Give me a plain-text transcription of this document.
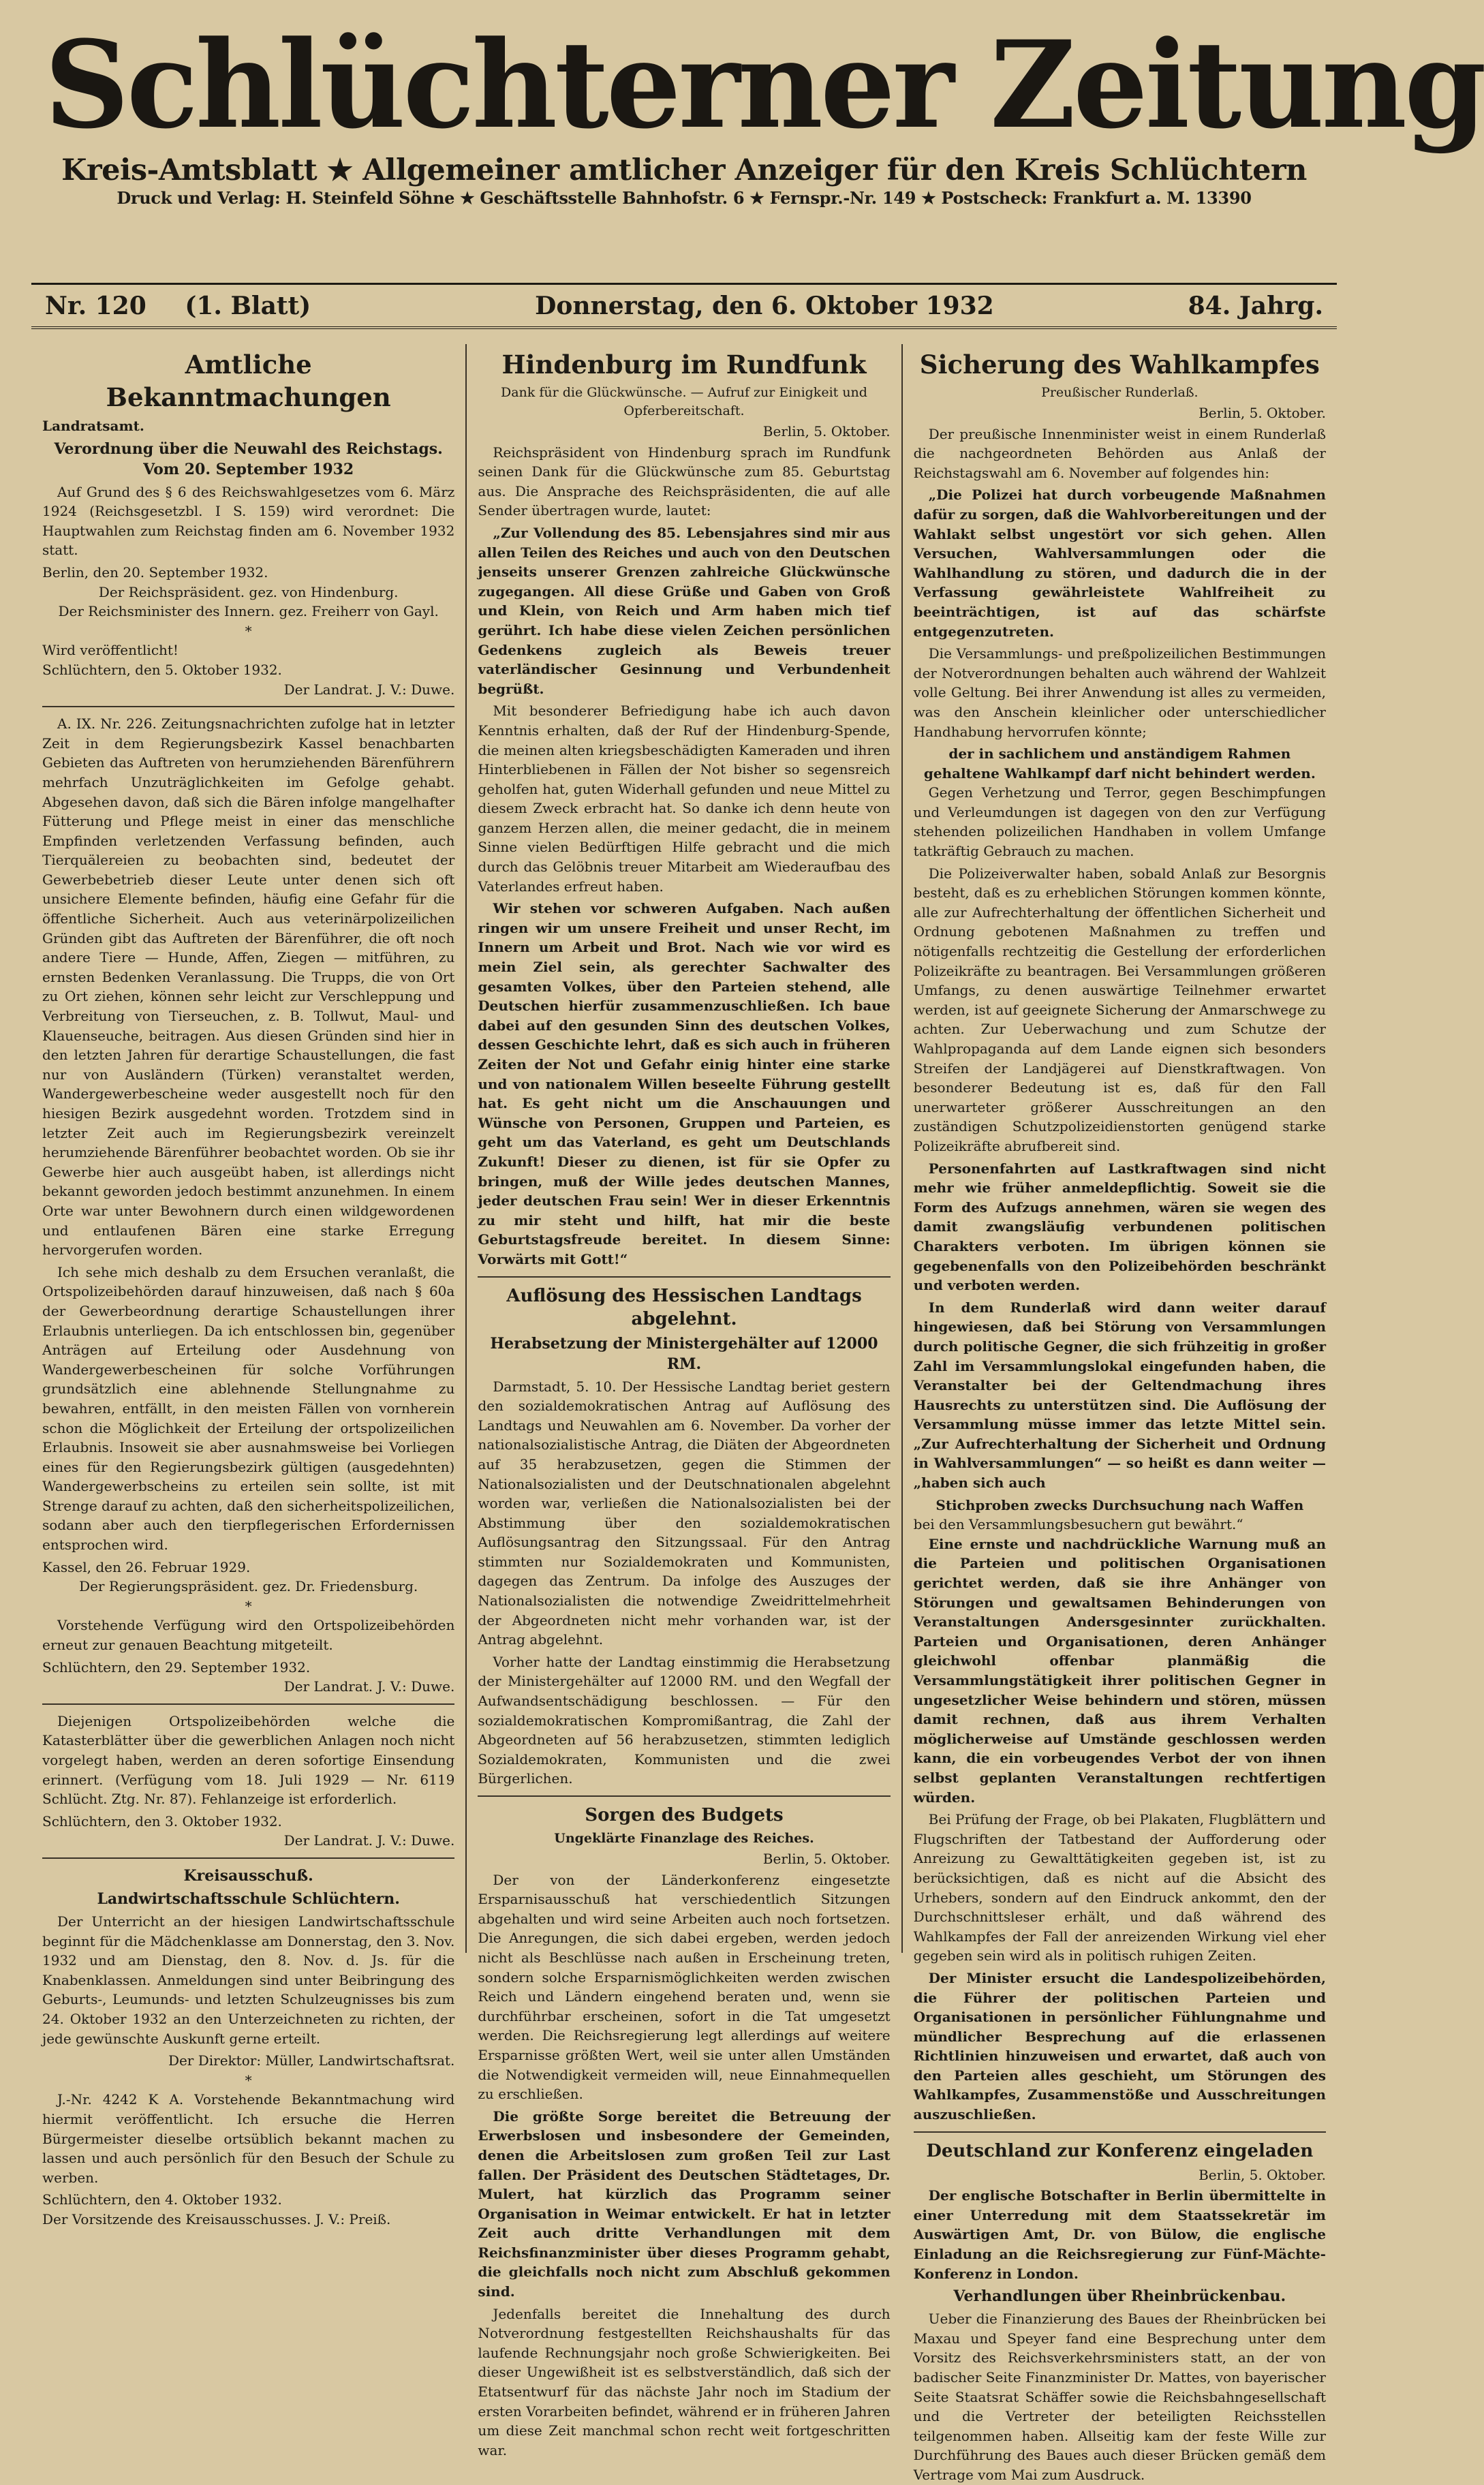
Schlüchterner Zeitung
Kreis-Amtsblatt ★ Allgemeiner amtlicher Anzeiger für den Kreis Schlüchtern
Druck und Verlag: H. Steinfeld Söhne ★ Geschäftsstelle Bahnhofstr. 6 ★ Fernspr.-Nr. 149 ★ Postscheck: Frankfurt a. M. 13390
Nr. 120 (1. Blatt)	Donnerstag, den 6. Oktober 1932	84. Jahrg.
Amtliche Bekanntmachungen
Landratsamt.
Verordnung über die Neuwahl des Reichstags. Vom 20. September 1932

Auf Grund des § 6 des Reichswahlgesetzes vom 6. März 1924 (Reichsgesetzbl. I S. 159) wird verordnet: Die Hauptwahlen zum Reichstag finden am 6. November 1932 statt.

Berlin, den 20. September 1932.
Der Reichspräsident. gez. von Hindenburg.
Der Reichsminister des Innern. gez. Freiherr von Gayl.
*
Wird veröffentlicht!
Schlüchtern, den 5. Oktober 1932.
Der Landrat. J. V.: Duwe.

A. IX. Nr. 226. Zeitungsnachrichten zufolge hat in letzter Zeit in dem Regierungsbezirk Kassel benachbarten Gebieten das Auftreten von herumziehenden Bärenführern mehrfach Unzuträglichkeiten im Gefolge gehabt. Abgesehen davon, daß sich die Bären infolge mangelhafter Fütterung und Pflege meist in einer das menschliche Empfinden verletzenden Verfassung befinden, auch Tierquälereien zu beobachten sind, bedeutet der Gewerbebetrieb dieser Leute unter denen sich oft unsichere Elemente befinden, häufig eine Gefahr für die öffentliche Sicherheit. Auch aus veterinärpolizeilichen Gründen gibt das Auftreten der Bärenführer, die oft noch andere Tiere — Hunde, Affen, Ziegen — mitführen, zu ernsten Bedenken Veranlassung. Die Trupps, die von Ort zu Ort ziehen, können sehr leicht zur Verschleppung und Verbreitung von Tierseuchen, z. B. Tollwut, Maul- und Klauenseuche, beitragen. Aus diesen Gründen sind hier in den letzten Jahren für derartige Schaustellungen, die fast nur von Ausländern (Türken) veranstaltet werden, Wandergewerbescheine weder ausgestellt noch für den hiesigen Bezirk ausgedehnt worden. Trotzdem sind in letzter Zeit auch im Regierungsbezirk vereinzelt herumziehende Bärenführer beobachtet worden. Ob sie ihr Gewerbe hier auch ausgeübt haben, ist allerdings nicht bekannt geworden jedoch bestimmt anzunehmen. In einem Orte war unter Bewohnern durch einen wildgewordenen und entlaufenen Bären eine starke Erregung hervorgerufen worden.

Ich sehe mich deshalb zu dem Ersuchen veranlaßt, die Ortspolizeibehörden darauf hinzuweisen, daß nach § 60a der Gewerbeordnung derartige Schaustellungen ihrer Erlaubnis unterliegen. Da ich entschlossen bin, gegenüber Anträgen auf Erteilung oder Ausdehnung von Wandergewerbescheinen für solche Vorführungen grundsätzlich eine ablehnende Stellungnahme zu bewahren, entfällt, in den meisten Fällen von vornherein schon die Möglichkeit der Erteilung der ortspolizeilichen Erlaubnis. Insoweit sie aber ausnahmsweise bei Vorliegen eines für den Regierungsbezirk gültigen (ausgedehnten) Wandergewerbscheins zu erteilen sein sollte, ist mit Strenge darauf zu achten, daß den sicherheitspolizeilichen, sodann aber auch den tierpflegerischen Erfordernissen entsprochen wird.

Kassel, den 26. Februar 1929.
Der Regierungspräsident. gez. Dr. Friedensburg.
*

Vorstehende Verfügung wird den Ortspolizeibehörden erneut zur genauen Beachtung mitgeteilt.

Schlüchtern, den 29. September 1932.
Der Landrat. J. V.: Duwe.

Diejenigen Ortspolizeibehörden welche die Katasterblätter über die gewerblichen Anlagen noch nicht vorgelegt haben, werden an deren sofortige Einsendung erinnert. (Verfügung vom 18. Juli 1929 — Nr. 6119 Schlücht. Ztg. Nr. 87). Fehlanzeige ist erforderlich.

Schlüchtern, den 3. Oktober 1932.
Der Landrat. J. V.: Duwe.
Kreisausschuß.
Landwirtschaftsschule Schlüchtern.

Der Unterricht an der hiesigen Landwirtschaftsschule beginnt für die Mädchenklasse am Donnerstag, den 3. Nov. 1932 und am Dienstag, den 8. Nov. d. Js. für die Knabenklassen. Anmeldungen sind unter Beibringung des Geburts-, Leumunds- und letzten Schulzeugnisses bis zum 24. Oktober 1932 an den Unterzeichneten zu richten, der jede gewünschte Auskunft gerne erteilt.

Der Direktor: Müller, Landwirtschaftsrat.
*

J.-Nr. 4242 K A. Vorstehende Bekanntmachung wird hiermit veröffentlicht. Ich ersuche die Herren Bürgermeister dieselbe ortsüblich bekannt machen zu lassen und auch persönlich für den Besuch der Schule zu werben.

Schlüchtern, den 4. Oktober 1932.
Der Vorsitzende des Kreisausschusses. J. V.: Preiß.
Hindenburg im Rundfunk
Dank für die Glückwünsche. — Aufruf zur Einigkeit und Opferbereitschaft.
Berlin, 5. Oktober.

Reichspräsident von Hindenburg sprach im Rundfunk seinen Dank für die Glückwünsche zum 85. Geburtstag aus. Die Ansprache des Reichspräsidenten, die auf alle Sender übertragen wurde, lautet:

„Zur Vollendung des 85. Lebensjahres sind mir aus allen Teilen des Reiches und auch von den Deutschen jenseits unserer Grenzen zahlreiche Glückwünsche zugegangen. All diese Grüße und Gaben von Groß und Klein, von Reich und Arm haben mich tief gerührt. Ich habe diese vielen Zeichen persönlichen Gedenkens zugleich als Beweis treuer vaterländischer Gesinnung und Verbundenheit begrüßt.

Mit besonderer Befriedigung habe ich auch davon Kenntnis erhalten, daß der Ruf der Hindenburg-Spende, die meinen alten kriegsbeschädigten Kameraden und ihren Hinterbliebenen in Fällen der Not bisher so segensreich geholfen hat, guten Widerhall gefunden und neue Mittel zu diesem Zweck erbracht hat. So danke ich denn heute von ganzem Herzen allen, die meiner gedacht, die in meinem Sinne vielen Bedürftigen Hilfe gebracht und die mich durch das Gelöbnis treuer Mitarbeit am Wiederaufbau des Vaterlandes erfreut haben.

Wir stehen vor schweren Aufgaben. Nach außen ringen wir um unsere Freiheit und unser Recht, im Innern um Arbeit und Brot. Nach wie vor wird es mein Ziel sein, als gerechter Sachwalter des gesamten Volkes, über den Parteien stehend, alle Deutschen hierfür zusammenzuschließen. Ich baue dabei auf den gesunden Sinn des deutschen Volkes, dessen Geschichte lehrt, daß es sich auch in früheren Zeiten der Not und Gefahr einig hinter eine starke und von nationalem Willen beseelte Führung gestellt hat. Es geht nicht um die Anschauungen und Wünsche von Personen, Gruppen und Parteien, es geht um das Vaterland, es geht um Deutschlands Zukunft! Dieser zu dienen, ist für sie Opfer zu bringen, muß der Wille jedes deutschen Mannes, jeder deutschen Frau sein! Wer in dieser Erkenntnis zu mir steht und hilft, hat mir die beste Geburtstagsfreude bereitet. In diesem Sinne: Vorwärts mit Gott!“

Auflösung des Hessischen Landtags abgelehnt.
Herabsetzung der Ministergehälter auf 12000 RM.

Darmstadt, 5. 10. Der Hessische Landtag beriet gestern den sozialdemokratischen Antrag auf Auflösung des Landtags und Neuwahlen am 6. November. Da vorher der nationalsozialistische Antrag, die Diäten der Abgeordneten auf 35 herabzusetzen, gegen die Stimmen der Nationalsozialisten und der Deutschnationalen abgelehnt worden war, verließen die Nationalsozialisten bei der Abstimmung über den sozialdemokratischen Auflösungsantrag den Sitzungssaal. Für den Antrag stimmten nur Sozialdemokraten und Kommunisten, dagegen das Zentrum. Da infolge des Auszuges der Nationalsozialisten die notwendige Zweidrittelmehrheit der Abgeordneten nicht mehr vorhanden war, ist der Antrag abgelehnt.

Vorher hatte der Landtag einstimmig die Herabsetzung der Ministergehälter auf 12000 RM. und den Wegfall der Aufwandsentschädigung beschlossen. — Für den sozialdemokratischen Kompromißantrag, die Zahl der Abgeordneten auf 56 herabzusetzen, stimmten lediglich Sozialdemokraten, Kommunisten und die zwei Bürgerlichen.

Sorgen des Budgets
Ungeklärte Finanzlage des Reiches.
Berlin, 5. Oktober.

Der von der Länderkonferenz eingesetzte Ersparnisausschuß hat verschiedentlich Sitzungen abgehalten und wird seine Arbeiten auch noch fortsetzen. Die Anregungen, die sich dabei ergeben, werden jedoch nicht als Beschlüsse nach außen in Erscheinung treten, sondern solche Ersparnismöglichkeiten werden zwischen Reich und Ländern eingehend beraten und, wenn sie durchführbar erscheinen, sofort in die Tat umgesetzt werden. Die Reichsregierung legt allerdings auf weitere Ersparnisse größten Wert, weil sie unter allen Umständen die Notwendigkeit vermeiden will, neue Einnahmequellen zu erschließen.

Die größte Sorge bereitet die Betreuung der Erwerbslosen und insbesondere der Gemeinden, denen die Arbeitslosen zum großen Teil zur Last fallen. Der Präsident des Deutschen Städtetages, Dr. Mulert, hat kürzlich das Programm seiner Organisation in Weimar entwickelt. Er hat in letzter Zeit auch dritte Verhandlungen mit dem Reichsfinanzminister über dieses Programm gehabt, die gleichfalls noch nicht zum Abschluß gekommen sind.

Jedenfalls bereitet die Innehaltung des durch Notverordnung festgestellten Reichshaushalts für das laufende Rechnungsjahr noch große Schwierigkeiten. Bei dieser Ungewißheit ist es selbstverständlich, daß sich der Etatsentwurf für das nächste Jahr noch im Stadium der ersten Vorarbeiten befindet, während er in früheren Jahren um diese Zeit manchmal schon recht weit fortgeschritten war.

Sicherung des Wahlkampfes
Preußischer Runderlaß.
Berlin, 5. Oktober.

Der preußische Innenminister weist in einem Runderlaß die nachgeordneten Behörden aus Anlaß der Reichstagswahl am 6. November auf folgendes hin:

„Die Polizei hat durch vorbeugende Maßnahmen dafür zu sorgen, daß die Wahlvorbereitungen und der Wahlakt selbst ungestört vor sich gehen. Allen Versuchen, Wahlversammlungen oder die Wahlhandlung zu stören, und dadurch die in der Verfassung gewährleistete Wahlfreiheit zu beeinträchtigen, ist auf das schärfste entgegenzutreten.

Die Versammlungs- und preßpolizeilichen Bestimmungen der Notverordnungen behalten auch während der Wahlzeit volle Geltung. Bei ihrer Anwendung ist alles zu vermeiden, was den Anschein kleinlicher oder unterschiedlicher Handhabung hervorrufen könnte;

der in sachlichem und anständigem Rahmen gehaltene Wahlkampf darf nicht behindert werden.

Gegen Verhetzung und Terror, gegen Beschimpfungen und Verleumdungen ist dagegen von den zur Verfügung stehenden polizeilichen Handhaben in vollem Umfange tatkräftig Gebrauch zu machen.

Die Polizeiverwalter haben, sobald Anlaß zur Besorgnis besteht, daß es zu erheblichen Störungen kommen könnte, alle zur Aufrechterhaltung der öffentlichen Sicherheit und Ordnung gebotenen Maßnahmen zu treffen und nötigenfalls rechtzeitig die Gestellung der erforderlichen Polizeikräfte zu beantragen. Bei Versammlungen größeren Umfangs, zu denen auswärtige Teilnehmer erwartet werden, ist auf geeignete Sicherung der Anmarschwege zu achten. Zur Ueberwachung und zum Schutze der Wahlpropaganda auf dem Lande eignen sich besonders Streifen der Landjägerei auf Dienstkraftwagen. Von besonderer Bedeutung ist es, daß für den Fall unerwarteter größerer Ausschreitungen an den zuständigen Schutzpolizeidienstorten genügend starke Polizeikräfte abrufbereit sind.

Personenfahrten auf Lastkraftwagen sind nicht mehr wie früher anmeldepflichtig. Soweit sie die Form des Aufzugs annehmen, wären sie wegen des damit zwangsläufig verbundenen politischen Charakters verboten. Im übrigen können sie gegebenenfalls von den Polizeibehörden beschränkt und verboten werden.

In dem Runderlaß wird dann weiter darauf hingewiesen, daß bei Störung von Versammlungen durch politische Gegner, die sich frühzeitig in großer Zahl im Versammlungslokal eingefunden haben, die Veranstalter bei der Geltendmachung ihres Hausrechts zu unterstützen sind. Die Auflösung der Versammlung müsse immer das letzte Mittel sein. „Zur Aufrechterhaltung der Sicherheit und Ordnung in Wahlversammlungen“ — so heißt es dann weiter — „haben sich auch

Stichproben zwecks Durchsuchung nach Waffen
bei den Versammlungsbesuchern gut bewährt.“

Eine ernste und nachdrückliche Warnung muß an die Parteien und politischen Organisationen gerichtet werden, daß sie ihre Anhänger von Störungen und gewaltsamen Behinderungen von Veranstaltungen Andersgesinnter zurückhalten. Parteien und Organisationen, deren Anhänger gleichwohl offenbar planmäßig die Versammlungstätigkeit ihrer politischen Gegner in ungesetzlicher Weise behindern und stören, müssen damit rechnen, daß aus ihrem Verhalten möglicherweise auf Umstände geschlossen werden kann, die ein vorbeugendes Verbot der von ihnen selbst geplanten Veranstaltungen rechtfertigen würden.

Bei Prüfung der Frage, ob bei Plakaten, Flugblättern und Flugschriften der Tatbestand der Aufforderung oder Anreizung zu Gewalttätigkeiten gegeben ist, ist zu berücksichtigen, daß es nicht auf die Absicht des Urhebers, sondern auf den Eindruck ankommt, den der Durchschnittsleser erhält, und daß während des Wahlkampfes der Fall der anreizenden Wirkung viel eher gegeben sein wird als in politisch ruhigen Zeiten.

Der Minister ersucht die Landespolizeibehörden, die Führer der politischen Parteien und Organisationen in persönlicher Fühlungnahme und mündlicher Besprechung auf die erlassenen Richtlinien hinzuweisen und erwartet, daß auch von den Parteien alles geschieht, um Störungen des Wahlkampfes, Zusammenstöße und Ausschreitungen auszuschließen.

Deutschland zur Konferenz eingeladen
Berlin, 5. Oktober.

Der englische Botschafter in Berlin übermittelte in einer Unterredung mit dem Staatssekretär im Auswärtigen Amt, Dr. von Bülow, die englische Einladung an die Reichsregierung zur Fünf-Mächte-Konferenz in London.

Verhandlungen über Rheinbrückenbau.

Ueber die Finanzierung des Baues der Rheinbrücken bei Maxau und Speyer fand eine Besprechung unter dem Vorsitz des Reichsverkehrsministers statt, an der von badischer Seite Finanzminister Dr. Mattes, von bayerischer Seite Staatsrat Schäffer sowie die Reichsbahngesellschaft und die Vertreter der beteiligten Reichsstellen teilgenommen haben. Allseitig kam der feste Wille zur Durchführung des Baues auch dieser Brücken gemäß dem Vertrage vom Mai zum Ausdruck.
